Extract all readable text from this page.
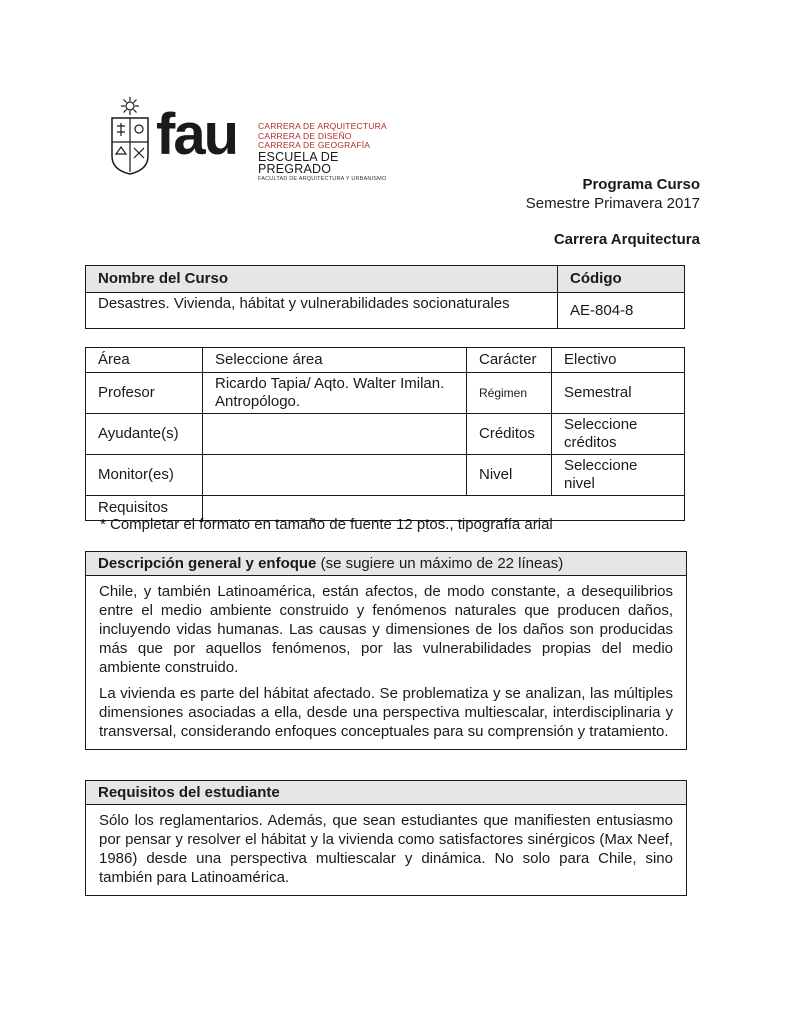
fau CARRERA DE ARQUITECTURA
CARRERA DE DISEÑO
CARRERA DE GEOGRAFÍA
ESCUELA DE PREGRADO
FACULTAD DE ARQUITECTURA Y URBANISMO	Programa Curso
Semestre Primavera 2017
Carrera Arquitectura
Nombre del Curso	Código
Desastres. Vivienda, hábitat y vulnerabilidades socionaturales	AE-804-8
Área	Seleccione área	Carácter	Electivo
Profesor	Ricardo Tapia/ Aqto. Walter Imilan. Antropólogo.	Régimen	Semestral
Ayudante(s)		Créditos	Seleccione créditos
Monitor(es)		Nivel	Seleccione nivel
Requisitos			
* Completar el formato en tamaño de fuente 12 ptos., tipografía arial
Descripción general y enfoque (se sugiere un máximo de 22 líneas)

Chile, y también Latinoamérica, están afectos, de modo constante, a desequilibrios entre el medio ambiente construido y fenómenos naturales que producen daños, incluyendo vidas humanas. Las causas y dimensiones de los daños son producidas más que por aquellos fenómenos, por las vulnerabilidades propias del medio ambiente construido.

La vivienda es parte del hábitat afectado. Se problematiza y se analizan, las múltiples dimensiones asociadas a ella, desde una perspectiva multiescalar, interdisciplinaria y transversal, considerando enfoques conceptuales para su comprensión y tratamiento.

Requisitos del estudiante

Sólo los reglamentarios. Además, que sean estudiantes que manifiesten entusiasmo por pensar y resolver el hábitat y la vivienda como satisfactores sinérgicos (Max Neef, 1986) desde una perspectiva multiescalar y dinámica. No solo para Chile, sino también para Latinoamérica.
